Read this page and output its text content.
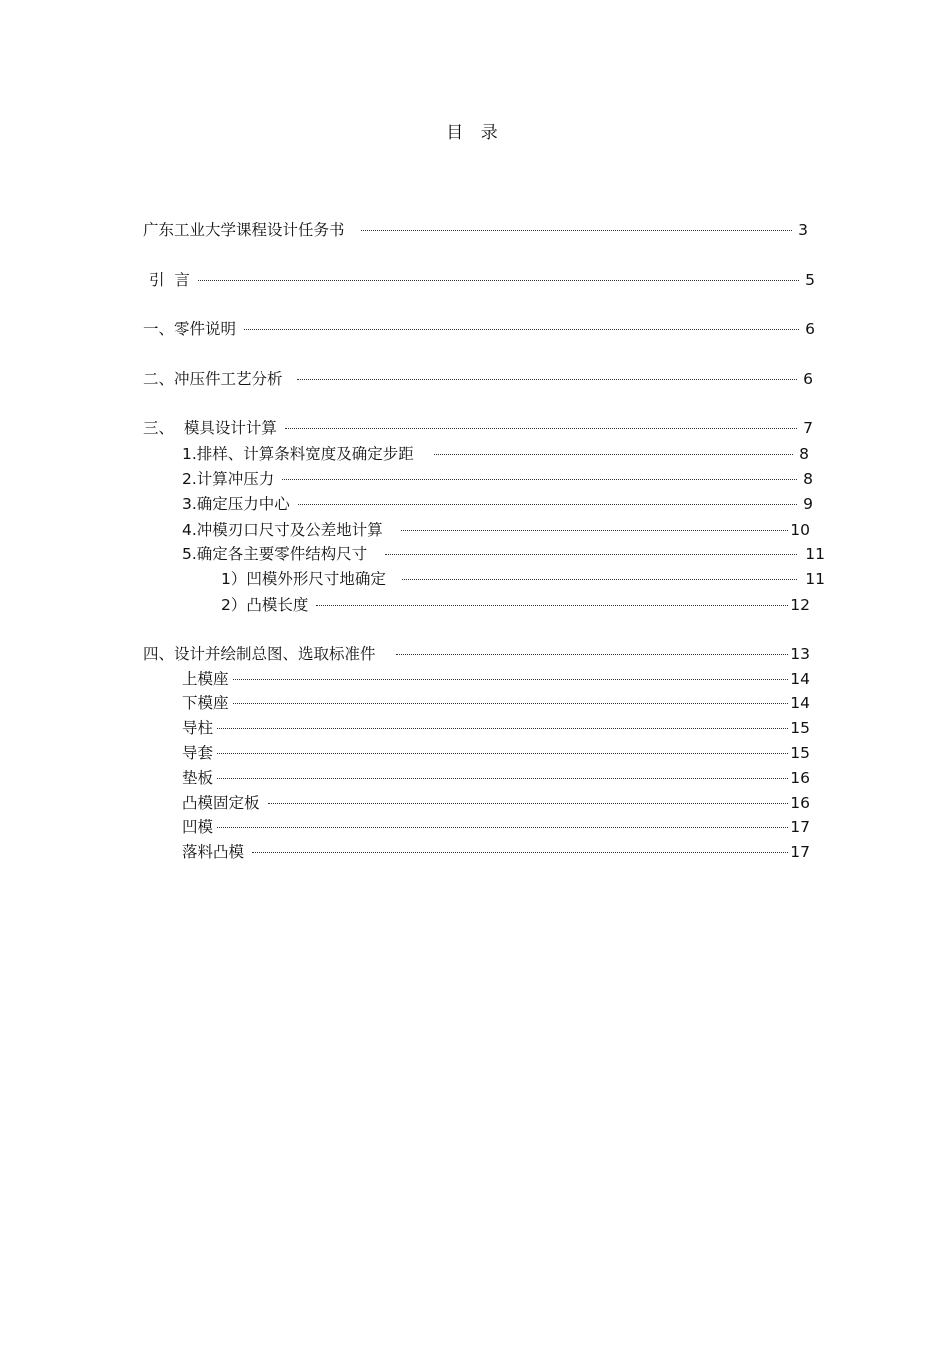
目 录
广东工业大学课程设计任务书	3
引  言	5
一、零件说明	6
二、冲压件工艺分析	6
三、  模具设计计算	7
1.排样、计算条料宽度及确定步距	8
2.计算冲压力	8
3.确定压力中心	9
4.冲模刃口尺寸及公差地计算	10
5.确定各主要零件结构尺寸	11
1）凹模外形尺寸地确定	11
2）凸模长度	12
四、设计并绘制总图、选取标准件	13
上模座	14
下模座	14
导柱	15
导套	15
垫板	16
凸模固定板	16
凹模	17
落料凸模	17
